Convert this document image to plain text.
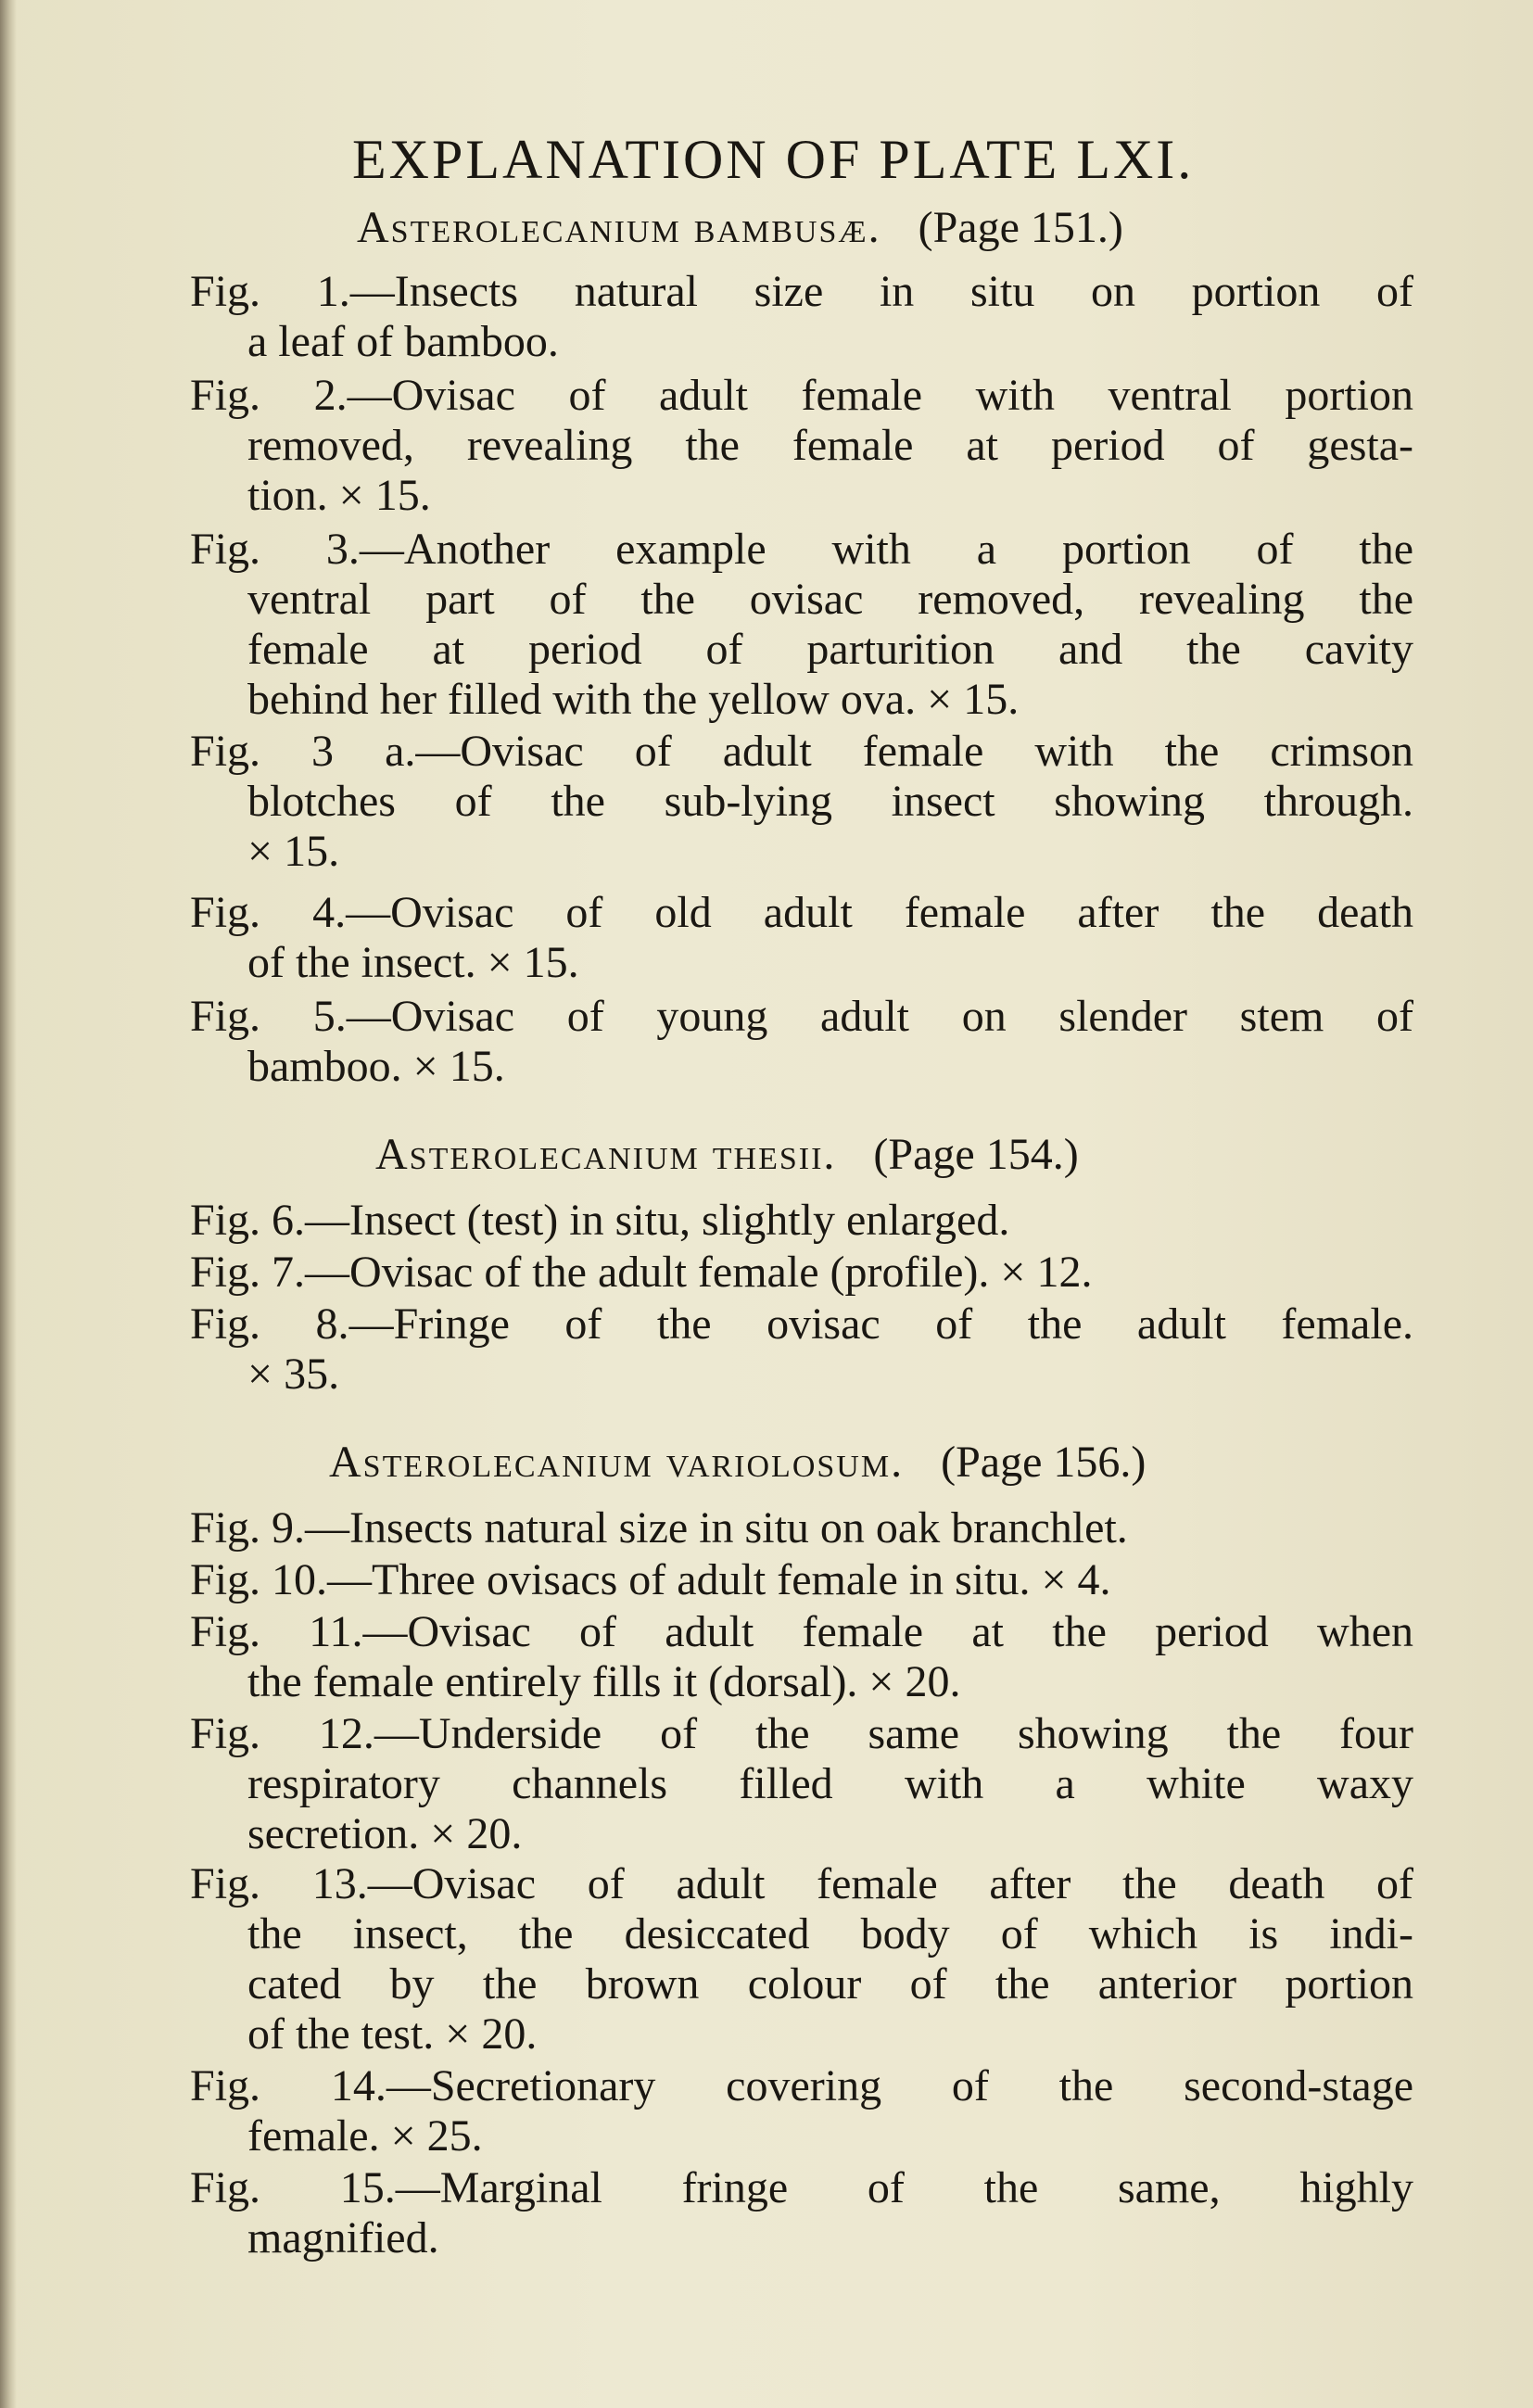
EXPLANATION OF PLATE LXI.
Asterolecanium bambusæ. (Page 151.)
Fig. 1.—Insects natural size in situ on portion of
a leaf of bamboo.
Fig. 2.—Ovisac of adult female with ventral portion
removed, revealing the female at period of gesta-
tion. × 15.
Fig. 3.—Another example with a portion of the
ventral part of the ovisac removed, revealing the
female at period of parturition and the cavity
behind her filled with the yellow ova. × 15.
Fig. 3 a.—Ovisac of adult female with the crimson
blotches of the sub-lying insect showing through.
× 15.
Fig. 4.—Ovisac of old adult female after the death
of the insect. × 15.
Fig. 5.—Ovisac of young adult on slender stem of
bamboo. × 15.
Asterolecanium thesii. (Page 154.)
Fig. 6.—Insect (test) in situ, slightly enlarged.
Fig. 7.—Ovisac of the adult female (profile). × 12.
Fig. 8.—Fringe of the ovisac of the adult female.
× 35.
Asterolecanium variolosum. (Page 156.)
Fig. 9.—Insects natural size in situ on oak branchlet.
Fig. 10.—Three ovisacs of adult female in situ. × 4.
Fig. 11.—Ovisac of adult female at the period when
the female entirely fills it (dorsal). × 20.
Fig. 12.—Underside of the same showing the four
respiratory channels filled with a white waxy
secretion. × 20.
Fig. 13.—Ovisac of adult female after the death of
the insect, the desiccated body of which is indi-
cated by the brown colour of the anterior portion
of the test. × 20.
Fig. 14.—Secretionary covering of the second-stage
female. × 25.
Fig. 15.—Marginal fringe of the same, highly
magnified.
